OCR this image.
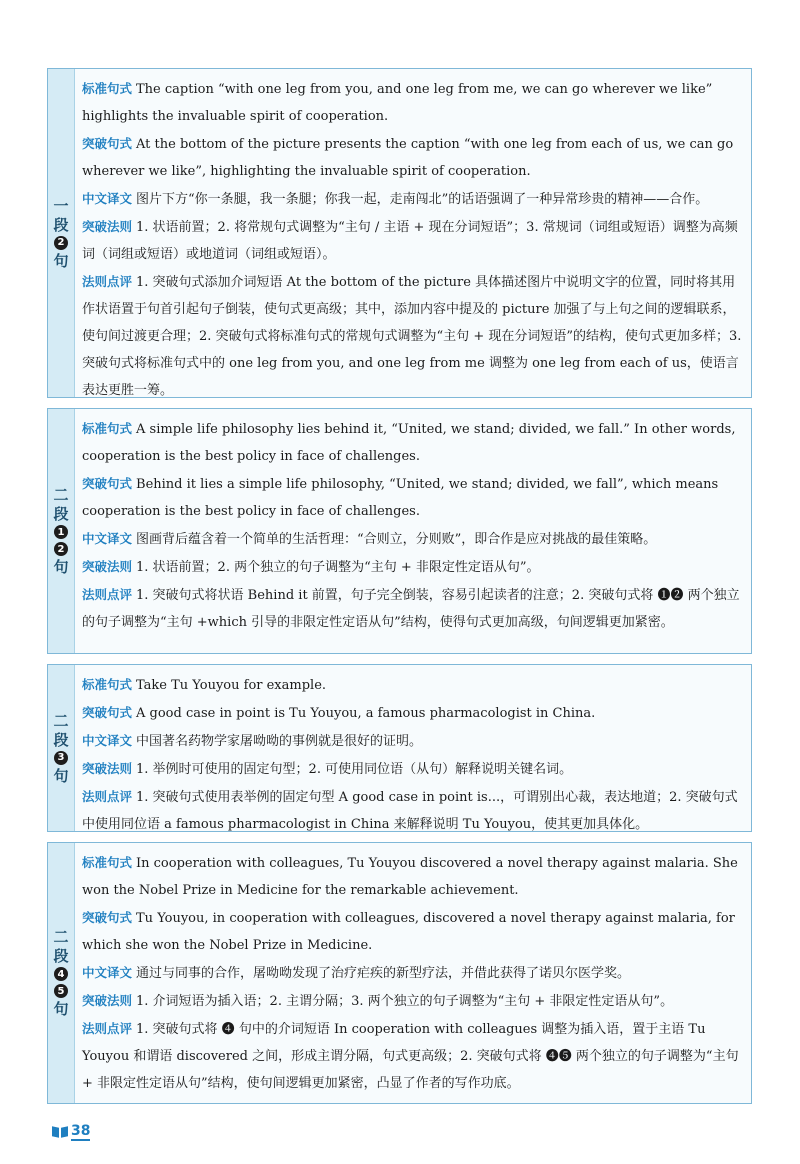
一
段
2
句

标准句式 The caption “with one leg from you, and one leg from me, we can go wherever we like” highlights the invaluable spirit of cooperation.

突破句式 At the bottom of the picture presents the caption “with one leg from each of us, we can go wherever we like”, highlighting the invaluable spirit of cooperation.

中文译文 图片下方“你一条腿，我一条腿；你我一起，走南闯北”的话语强调了一种异常珍贵的精神——合作。

突破法则 1. 状语前置；2. 将常规句式调整为“主句 / 主语 + 现在分词短语”；3. 常规词（词组或短语）调整为高频词（词组或短语）或地道词（词组或短语）。

法则点评 1. 突破句式添加介词短语 At the bottom of the picture 具体描述图片中说明文字的位置，同时将其用作状语置于句首引起句子倒装，使句式更高级；其中，添加内容中提及的 picture 加强了与上句之间的逻辑联系，使句间过渡更合理；2. 突破句式将标准句式的常规句式调整为“主句 + 现在分词短语”的结构，使句式更加多样；3. 突破句式将标准句式中的 one leg from you, and one leg from me 调整为 one leg from each of us，使语言表达更胜一筹。

二
段
1
2
句

标准句式 A simple life philosophy lies behind it, “United, we stand; divided, we fall.” In other words, cooperation is the best policy in face of challenges.

突破句式 Behind it lies a simple life philosophy, “United, we stand; divided, we fall”, which means cooperation is the best policy in face of challenges.

中文译文 图画背后蕴含着一个简单的生活哲理：“合则立，分则败”，即合作是应对挑战的最佳策略。

突破法则 1. 状语前置；2. 两个独立的句子调整为“主句 + 非限定性定语从句”。

法则点评 1. 突破句式将状语 Behind it 前置，句子完全倒装，容易引起读者的注意；2. 突破句式将 ❶❷ 两个独立的句子调整为“主句 +which 引导的非限定性定语从句”结构，使得句式更加高级，句间逻辑更加紧密。

二
段
3
句

标准句式 Take Tu Youyou for example.

突破句式 A good case in point is Tu Youyou, a famous pharmacologist in China.

中文译文 中国著名药物学家屠呦呦的事例就是很好的证明。

突破法则 1. 举例时可使用的固定句型；2. 可使用同位语（从句）解释说明关键名词。

法则点评 1. 突破句式使用表举例的固定句型 A good case in point is...，可谓别出心裁，表达地道；2. 突破句式中使用同位语 a famous pharmacologist in China 来解释说明 Tu Youyou，使其更加具体化。

二
段
4
5
句

标准句式 In cooperation with colleagues, Tu Youyou discovered a novel therapy against malaria. She won the Nobel Prize in Medicine for the remarkable achievement.

突破句式 Tu Youyou, in cooperation with colleagues, discovered a novel therapy against malaria, for which she won the Nobel Prize in Medicine.

中文译文 通过与同事的合作，屠呦呦发现了治疗疟疾的新型疗法，并借此获得了诺贝尔医学奖。

突破法则 1. 介词短语为插入语；2. 主谓分隔；3. 两个独立的句子调整为“主句 + 非限定性定语从句”。

法则点评 1. 突破句式将 ❹ 句中的介词短语 In cooperation with colleagues 调整为插入语，置于主语 Tu Youyou 和谓语 discovered 之间，形成主谓分隔，句式更高级；2. 突破句式将 ❹❺ 两个独立的句子调整为“主句 + 非限定性定语从句”结构，使句间逻辑更加紧密，凸显了作者的写作功底。

38
